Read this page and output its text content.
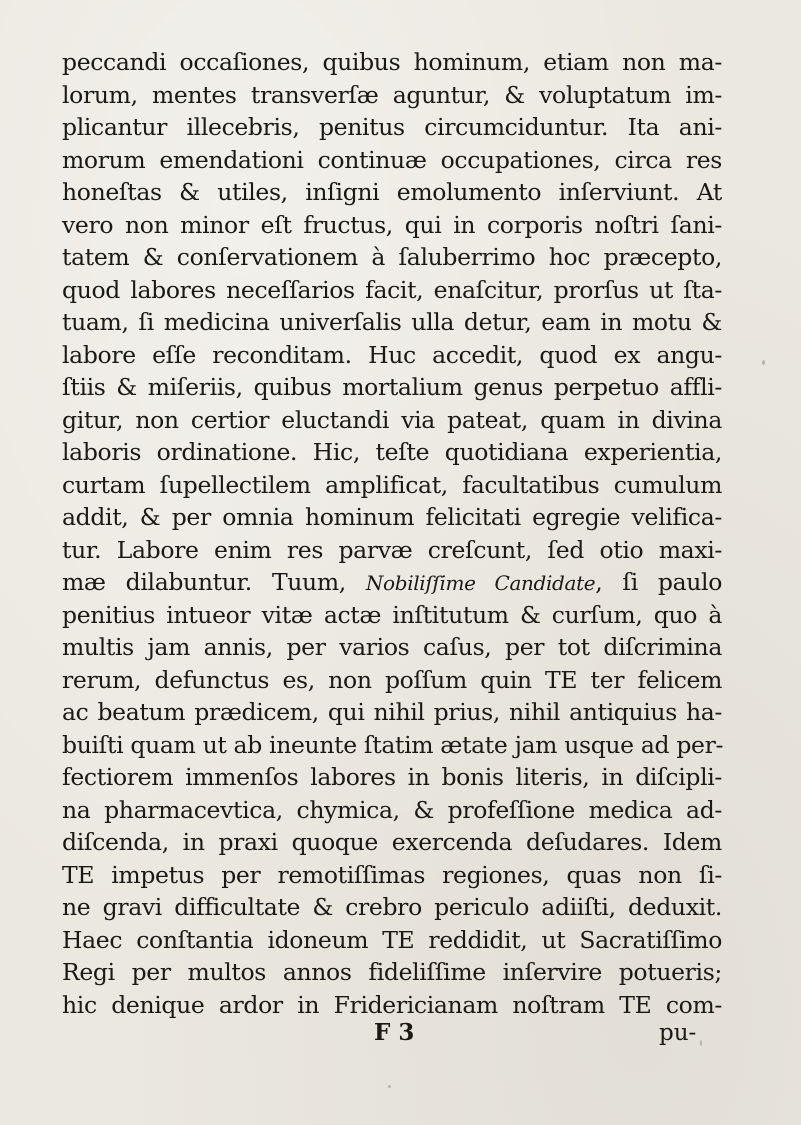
peccandi occaſiones, quibus hominum, etiam non ma-
lorum, mentes transverſæ aguntur, & voluptatum im-
plicantur illecebris, penitus circumciduntur. Ita ani-
morum emendationi continuæ occupationes, circa res
honeſtas & utiles, inſigni emolumento inſerviunt. At
vero non minor eſt fructus, qui in corporis noſtri ſani-
tatem & conſervationem à ſaluberrimo hoc præcepto,
quod labores neceſſarios facit, enaſcitur, prorſus ut ſta-
tuam, ſi medicina univerſalis ulla detur, eam in motu &
labore eſſe reconditam. Huc accedit, quod ex angu-
ſtiis & miſeriis, quibus mortalium genus perpetuo affli-
gitur, non certior eluctandi via pateat, quam in divina
laboris ordinatione. Hic, teſte quotidiana experientia,
curtam ſupellectilem amplificat, facultatibus cumulum
addit, & per omnia hominum felicitati egregie velifica-
tur. Labore enim res parvæ creſcunt, ſed otio maxi-
mæ dilabuntur. Tuum, Nobiliſſime Candidate, ſi paulo
penitius intueor vitæ actæ inſtitutum & curſum, quo à
multis jam annis, per varios caſus, per tot diſcrimina
rerum, defunctus es, non poſſum quin TE ter felicem
ac beatum prædicem, qui nihil prius, nihil antiquius ha-
buiſti quam ut ab ineunte ſtatim ætate jam usque ad per-
fectiorem immenſos labores in bonis literis, in diſcipli-
na pharmacevtica, chymica, & profeſſione medica ad-
diſcenda, in praxi quoque exercenda deſudares. Idem
TE impetus per remotiſſimas regiones, quas non ſi-
ne gravi difficultate & crebro periculo adiiſti, deduxit.
Haec conſtantia idoneum TE reddidit, ut Sacratiſſimo
Regi per multos annos fideliſſime inſervire potueris;
hic denique ardor in Fridericianam noſtram TE com-
F 3	pu-
